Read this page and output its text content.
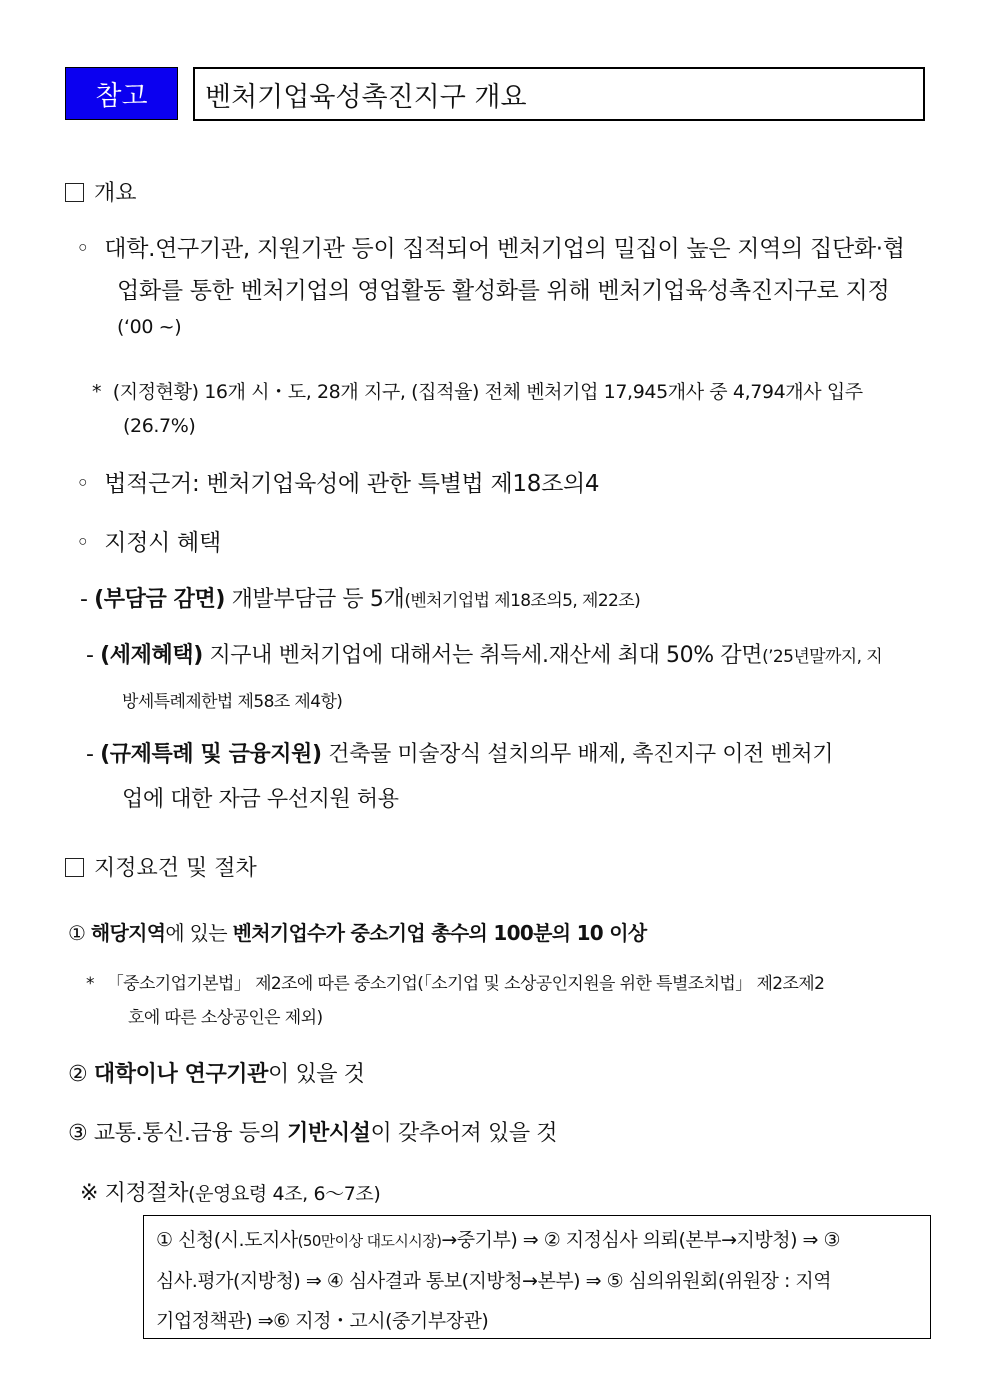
참고	벤처기업육성촉진지구 개요
개요
◦ 대학.연구기관, 지원기관 등이 집적되어 벤처기업의 밀집이 높은 지역의 집단화·협
업화를 통한 벤처기업의 영업활동 활성화를 위해 벤처기업육성촉진지구로 지정
(‘00 ~)
* (지정현황) 16개 시・도, 28개 지구, (집적율) 전체 벤처기업 17,945개사 중 4,794개사 입주
(26.7%)
◦ 법적근거: 벤처기업육성에 관한 특별법 제18조의4
◦ 지정시 혜택
- (부담금 감면) 개발부담금 등 5개(벤처기업법 제18조의5, 제22조)
- (세제혜택) 지구내 벤처기업에 대해서는 취득세.재산세 최대 50% 감면(’25년말까지, 지
방세특례제한법 제58조 제4항)
- (규제특례 및 금융지원) 건축물 미술장식 설치의무 배제, 촉진지구 이전 벤처기
업에 대한 자금 우선지원 허용
지정요건 및 절차
① 해당지역에 있는 벤처기업수가 중소기업 총수의 100분의 10 이상
* 「중소기업기본법」 제2조에 따른 중소기업(「소기업 및 소상공인지원을 위한 특별조치법」 제2조제2
호에 따른 소상공인은 제외)
② 대학이나 연구기관이 있을 것
③ 교통.통신.금융 등의 기반시설이 갖추어져 있을 것
※ 지정절차(운영요령 4조, 6～7조)
① 신청(시.도지사(50만이상 대도시시장)→중기부) ⇒ ② 지정심사 의뢰(본부→지방청) ⇒ ③
심사.평가(지방청) ⇒ ④ 심사결과 통보(지방청→본부) ⇒ ⑤ 심의위원회(위원장 : 지역
기업정책관) ⇒⑥ 지정・고시(중기부장관)
